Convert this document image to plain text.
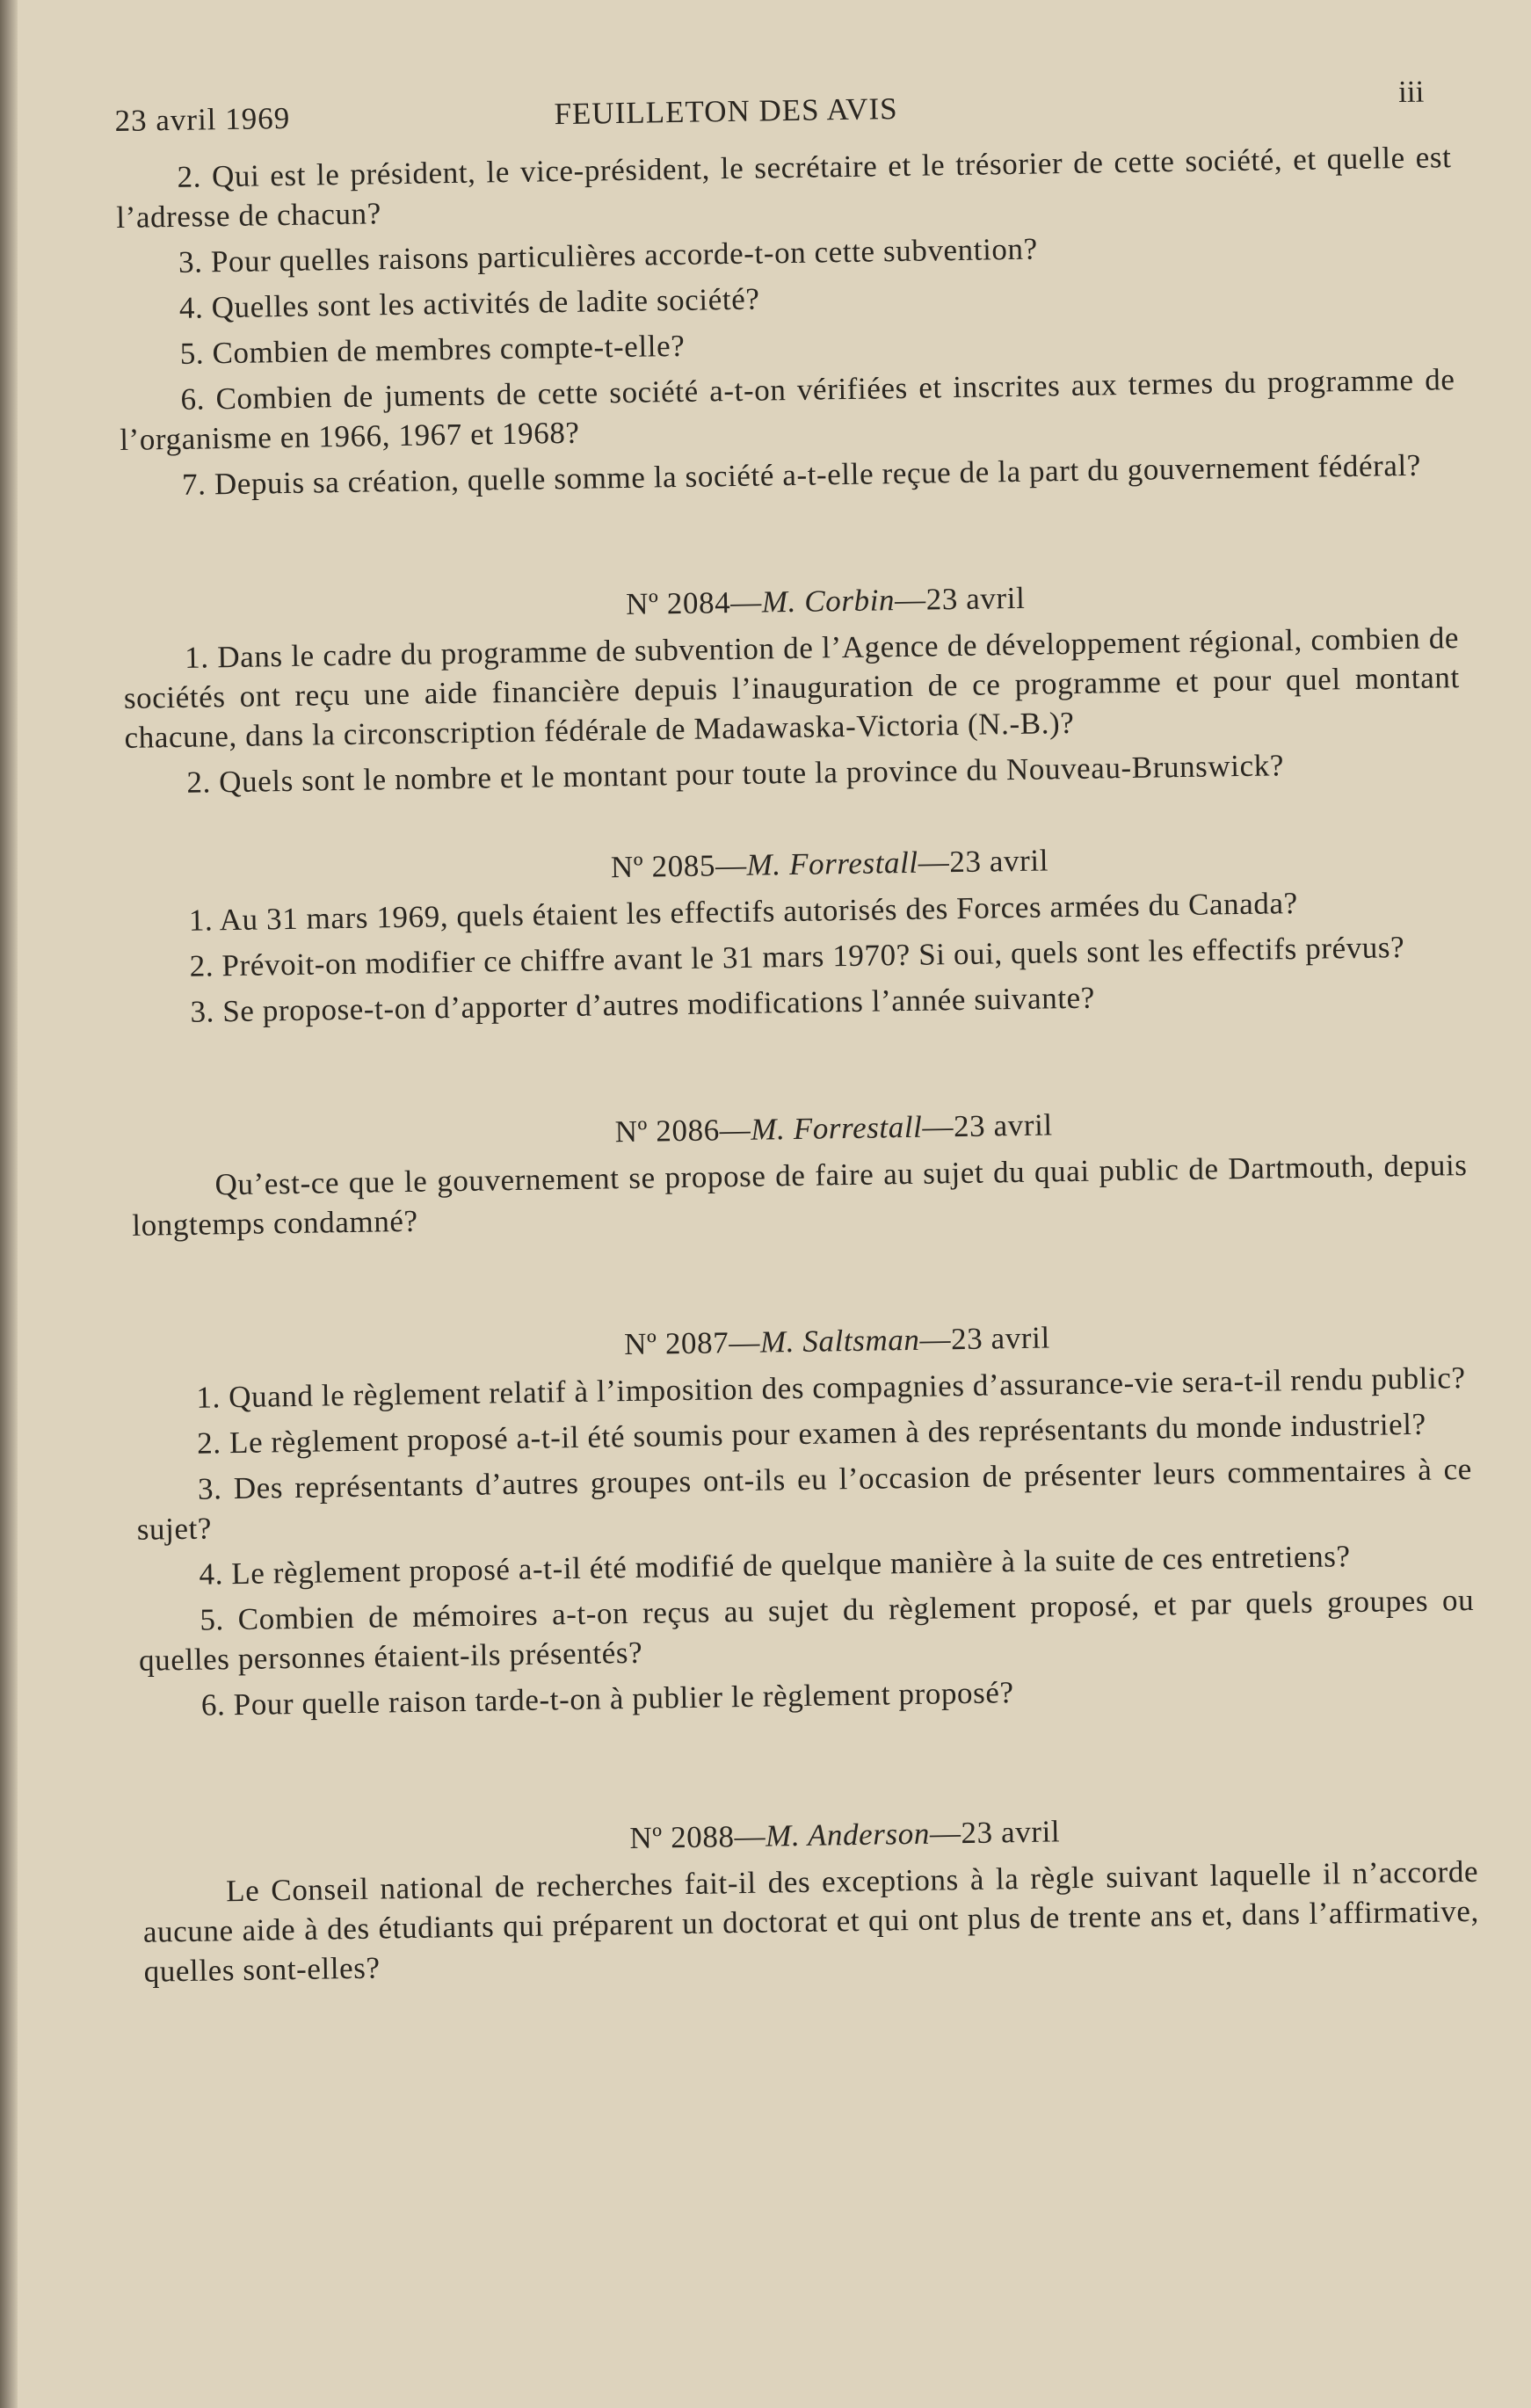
23 avril 1969	FEUILLETON DES AVIS	iii

2. Qui est le président, le vice-président, le secrétaire et le trésorier de cette société, et quelle est l’adresse de chacun?

3. Pour quelles raisons particulières accorde-t-on cette subvention?

4. Quelles sont les activités de ladite société?

5. Combien de membres compte-t-elle?

6. Combien de juments de cette société a-t-on vérifiées et inscrites aux termes du programme de l’organisme en 1966, 1967 et 1968?

7. Depuis sa création, quelle somme la société a-t-elle reçue de la part du gouvernement fédéral?

Nº 2084—M. Corbin—23 avril

1. Dans le cadre du programme de subvention de l’Agence de développement régional, combien de sociétés ont reçu une aide financière depuis l’inauguration de ce programme et pour quel montant chacune, dans la circonscription fédérale de Madawaska-Victoria (N.-B.)?

2. Quels sont le nombre et le montant pour toute la province du Nouveau-Brunswick?

Nº 2085—M. Forrestall—23 avril

1. Au 31 mars 1969, quels étaient les effectifs autorisés des Forces armées du Canada?

2. Prévoit-on modifier ce chiffre avant le 31 mars 1970? Si oui, quels sont les effectifs prévus?

3. Se propose-t-on d’apporter d’autres modifications l’année suivante?

Nº 2086—M. Forrestall—23 avril

Qu’est-ce que le gouvernement se propose de faire au sujet du quai public de Dartmouth, depuis longtemps condamné?

Nº 2087—M. Saltsman—23 avril

1. Quand le règlement relatif à l’imposition des compagnies d’assurance-vie sera-t-il rendu public?

2. Le règlement proposé a-t-il été soumis pour examen à des représentants du monde industriel?

3. Des représentants d’autres groupes ont-ils eu l’occasion de présenter leurs commentaires à ce sujet?

4. Le règlement proposé a-t-il été modifié de quelque manière à la suite de ces entretiens?

5. Combien de mémoires a-t-on reçus au sujet du règlement proposé, et par quels groupes ou quelles personnes étaient-ils présentés?

6. Pour quelle raison tarde-t-on à publier le règlement proposé?

Nº 2088—M. Anderson—23 avril

Le Conseil national de recherches fait-il des exceptions à la règle suivant laquelle il n’accorde aucune aide à des étudiants qui préparent un doctorat et qui ont plus de trente ans et, dans l’affirmative, quelles sont-elles?
